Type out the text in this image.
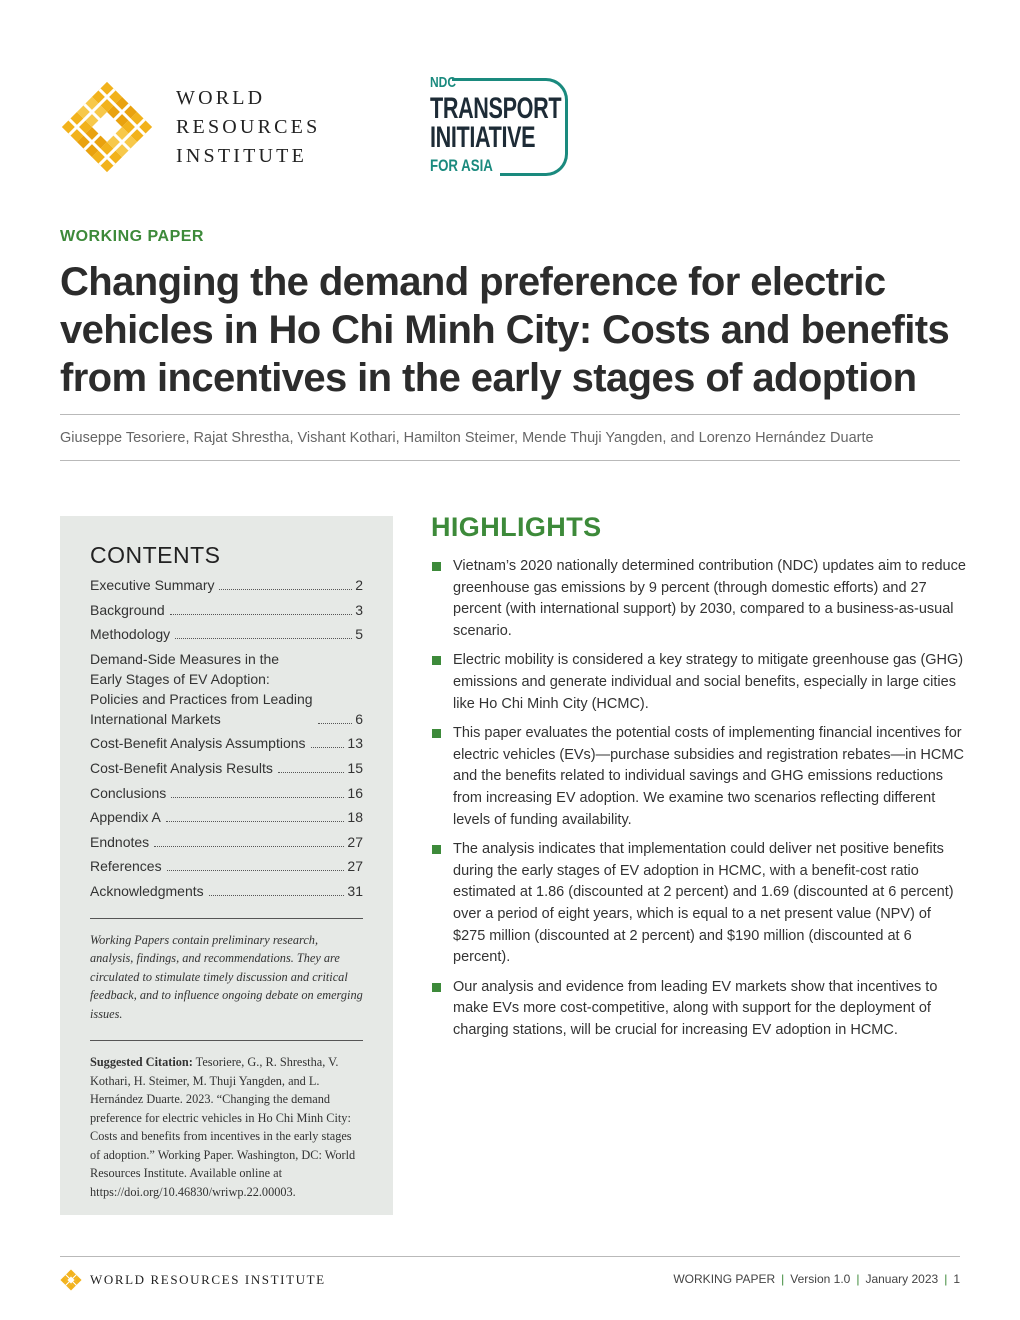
WORLD
RESOURCES
INSTITUTE
NDC
TRANSPORT
INITIATIVE
FOR ASIA
WORKING PAPER
Changing the demand preference for electric vehicles in Ho Chi Minh City: Costs and benefits from incentives in the early stages of adoption
Giuseppe Tesoriere, Rajat Shrestha, Vishant Kothari, Hamilton Steimer, Mende Thuji Yangden, and Lorenzo Hernández Duarte
CONTENTS
Executive Summary	2
Background	3
Methodology	5
Demand-Side Measures in the
Early Stages of EV Adoption:
Policies and Practices from Leading
International Markets	6
Cost-Benefit Analysis Assumptions	13
Cost-Benefit Analysis Results	15
Conclusions	16
Appendix A	18
Endnotes	27
References	27
Acknowledgments	31

Working Papers contain preliminary research, analysis, findings, and recommendations. They are circulated to stimulate timely discussion and critical feedback, and to influence ongoing debate on emerging issues.

Suggested Citation: Tesoriere, G., R. Shrestha, V. Kothari, H. Steimer, M. Thuji Yangden, and L. Hernández Duarte. 2023. “Changing the demand preference for electric vehicles in Ho Chi Minh City: Costs and benefits from incentives in the early stages of adoption.” Working Paper. Washington, DC: World Resources Institute. Available online at https://doi.org/10.46830/wriwp.22.00003.

HIGHLIGHTS
Vietnam’s 2020 nationally determined contribution (NDC) updates aim to reduce greenhouse gas emissions by 9 percent (through domestic efforts) and 27 percent (with international support) by 2030, compared to a business-as-usual scenario.
Electric mobility is considered a key strategy to mitigate greenhouse gas (GHG) emissions and generate individual and social benefits, especially in large cities like Ho Chi Minh City (HCMC).
This paper evaluates the potential costs of implementing financial incentives for electric vehicles (EVs)—purchase subsidies and registration rebates—in HCMC and the benefits related to individual savings and GHG emissions reductions from increasing EV adoption. We examine two scenarios reflecting different levels of funding availability.
The analysis indicates that implementation could deliver net positive benefits during the early stages of EV adoption in HCMC, with a benefit-cost ratio estimated at 1.86 (discounted at 2 percent) and 1.69 (discounted at 6 percent) over a period of eight years, which is equal to a net present value (NPV) of $275 million (discounted at 2 percent) and $190 million (discounted at 6 percent).
Our analysis and evidence from leading EV markets show that incentives to make EVs more cost-competitive, along with support for the deployment of charging stations, will be crucial for increasing EV adoption in HCMC.
WORLD RESOURCES INSTITUTE	WORKING PAPER | Version 1.0 | January 2023 | 1
